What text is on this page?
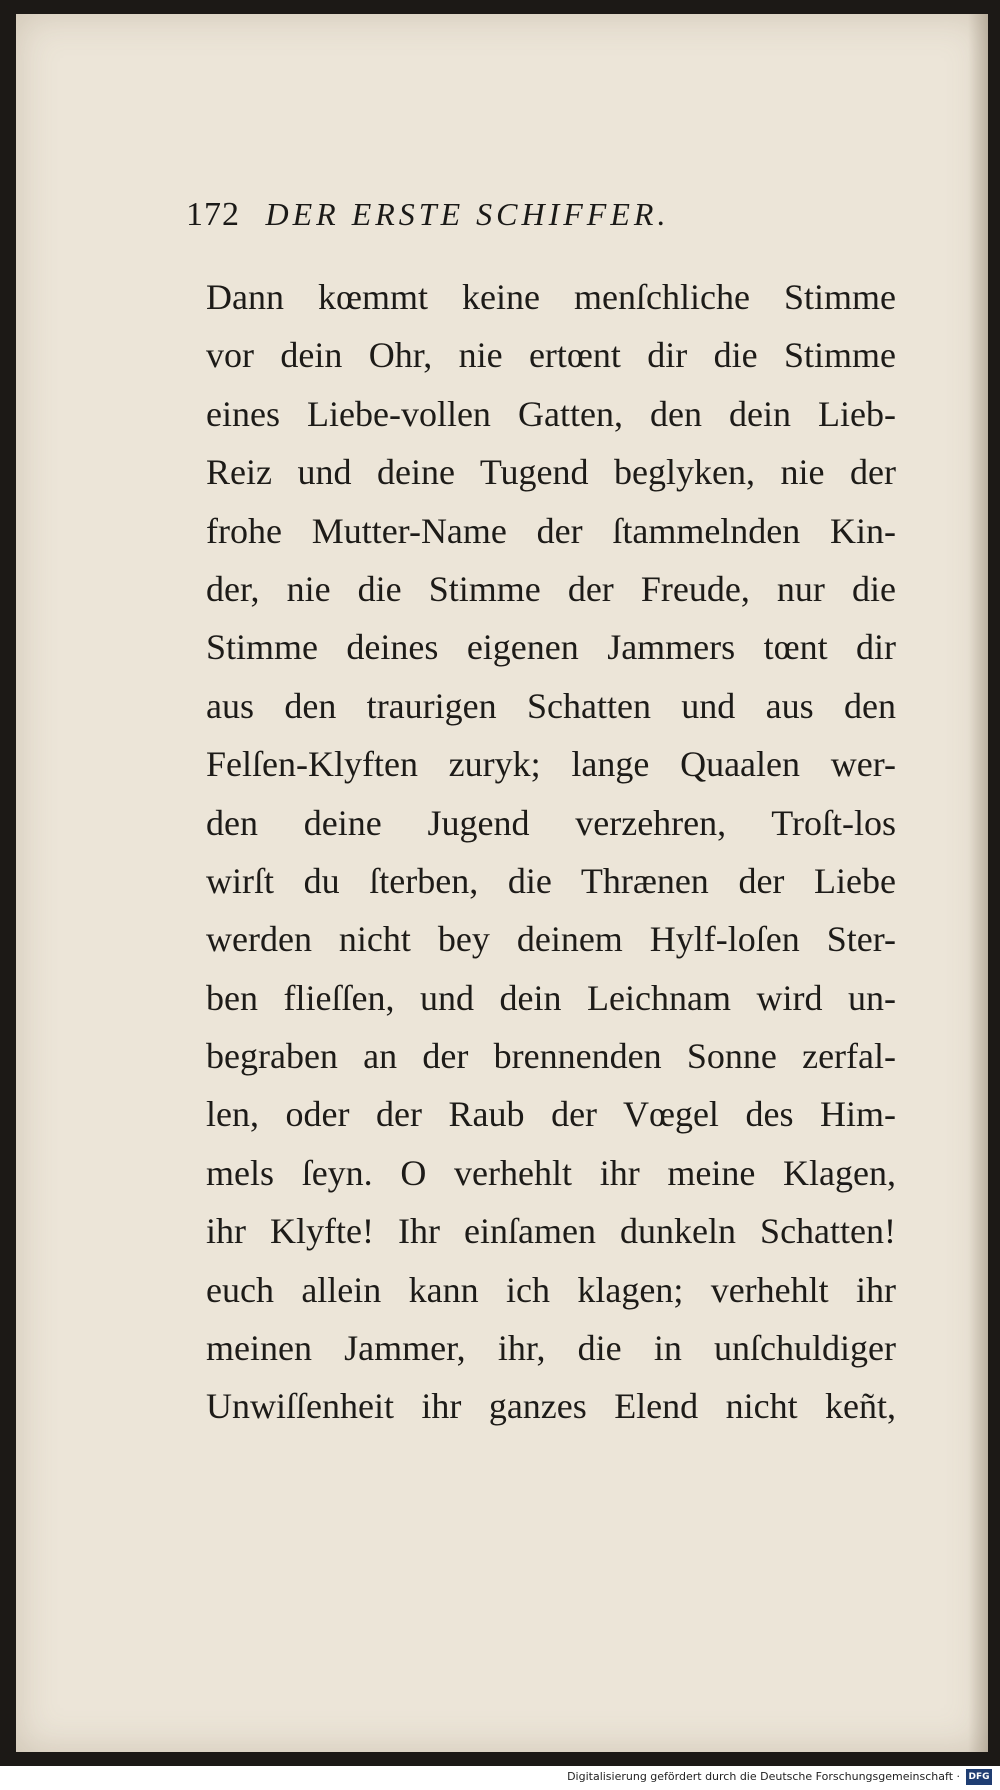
172 DER ERSTE SCHIFFER.
Dann kœmmt keine menſchliche Stimme
vor dein Ohr, nie ertœnt dir die Stimme
eines Liebe-vollen Gatten, den dein Lieb-
Reiz und deine Tugend beglyken, nie der
frohe Mutter-Name der ſtammelnden Kin-
der, nie die Stimme der Freude, nur die
Stimme deines eigenen Jammers tœnt dir
aus den traurigen Schatten und aus den
Felſen-Klyften zuryk; lange Quaalen wer-
den deine Jugend verzehren, Troſt-los
wirſt du ſterben, die Thrænen der Liebe
werden nicht bey deinem Hylf-loſen Ster-
ben flieſſen, und dein Leichnam wird un-
begraben an der brennenden Sonne zerfal-
len, oder der Raub der Vœgel des Him-
mels ſeyn. O verhehlt ihr meine Klagen,
ihr Klyfte! Ihr einſamen dunkeln Schatten!
euch allein kann ich klagen; verhehlt ihr
meinen Jammer, ihr, die in unſchuldiger
Unwiſſenheit ihr ganzes Elend nicht keñt,
Digitalisierung gefördert durch die Deutsche Forschungsgemeinschaft · DFG
